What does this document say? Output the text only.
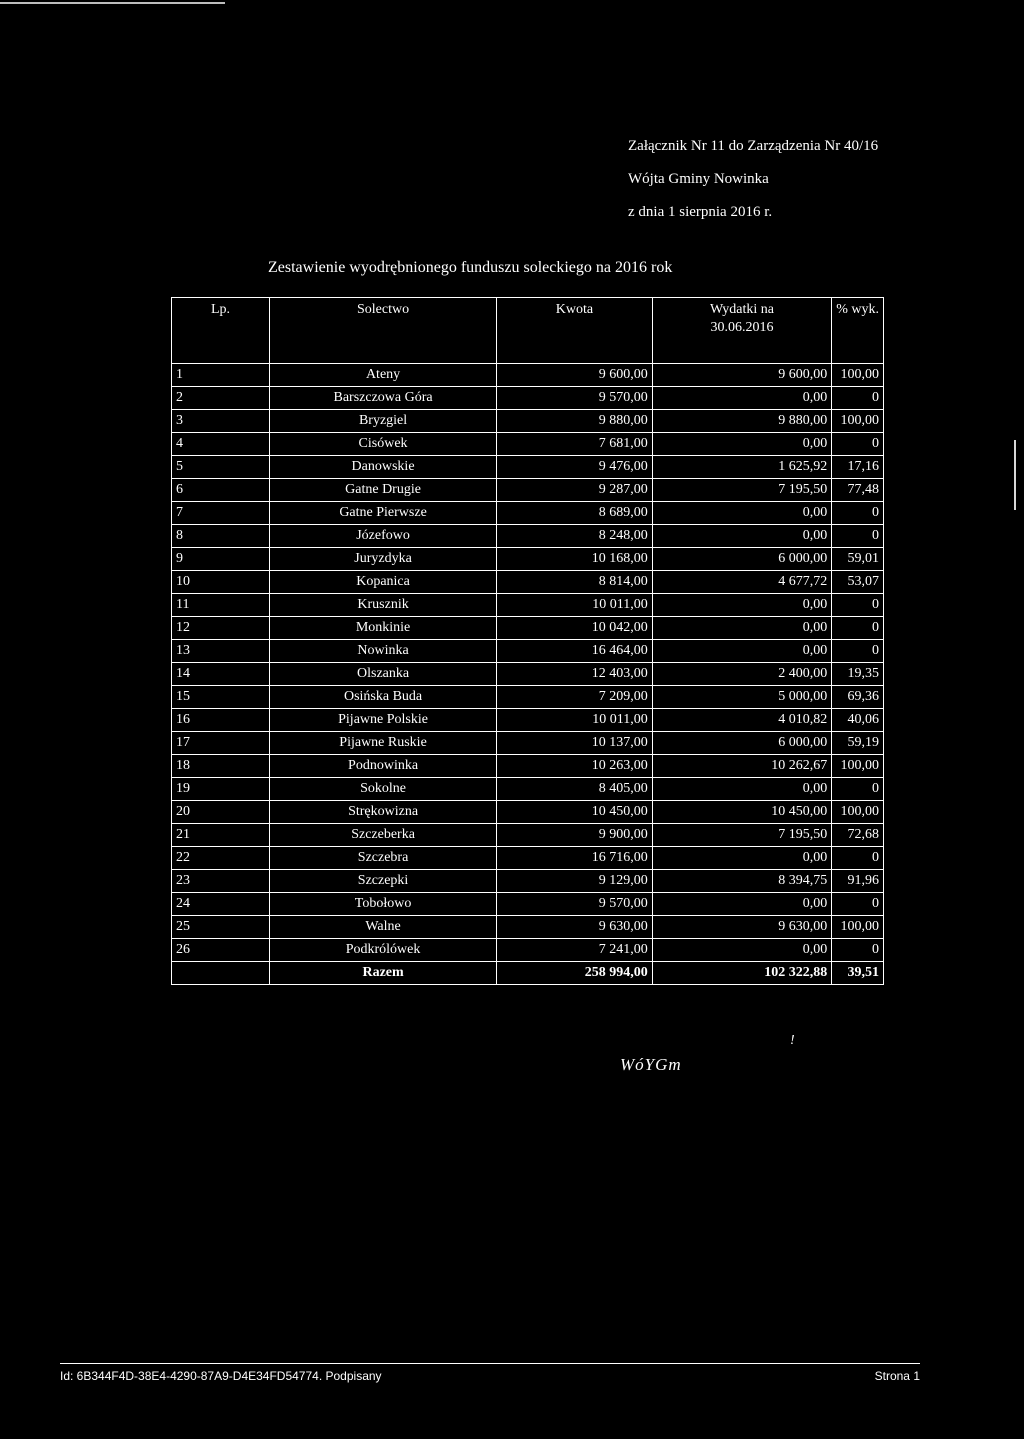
Załącznik Nr 11 do Zarządzenia Nr 40/16
Wójta Gminy Nowinka
z dnia 1 sierpnia 2016 r.
Zestawienie wyodrębnionego funduszu soleckiego na 2016 rok
Lp.	Solectwo	Kwota	Wydatki na 30.06.2016	% wyk.
1	Ateny	9 600,00	9 600,00	100,00
2	Barszczowa Góra	9 570,00	0,00	0
3	Bryzgiel	9 880,00	9 880,00	100,00
4	Cisówek	7 681,00	0,00	0
5	Danowskie	9 476,00	1 625,92	17,16
6	Gatne Drugie	9 287,00	7 195,50	77,48
7	Gatne Pierwsze	8 689,00	0,00	0
8	Józefowo	8 248,00	0,00	0
9	Juryzdyka	10 168,00	6 000,00	59,01
10	Kopanica	8 814,00	4 677,72	53,07
11	Krusznik	10 011,00	0,00	0
12	Monkinie	10 042,00	0,00	0
13	Nowinka	16 464,00	0,00	0
14	Olszanka	12 403,00	2 400,00	19,35
15	Osińska Buda	7 209,00	5 000,00	69,36
16	Pijawne Polskie	10 011,00	4 010,82	40,06
17	Pijawne Ruskie	10 137,00	6 000,00	59,19
18	Podnowinka	10 263,00	10 262,67	100,00
19	Sokolne	8 405,00	0,00	0
20	Strękowizna	10 450,00	10 450,00	100,00
21	Szczeberka	9 900,00	7 195,50	72,68
22	Szczebra	16 716,00	0,00	0
23	Szczepki	9 129,00	8 394,75	91,96
24	Tobołowo	9 570,00	0,00	0
25	Walne	9 630,00	9 630,00	100,00
26	Podkrólówek	7 241,00	0,00	0
	Razem	258 994,00	102 322,88	39,51
!
WóYGm
Id: 6B344F4D-38E4-4290-87A9-D4E34FD54774. Podpisany	Strona 1
